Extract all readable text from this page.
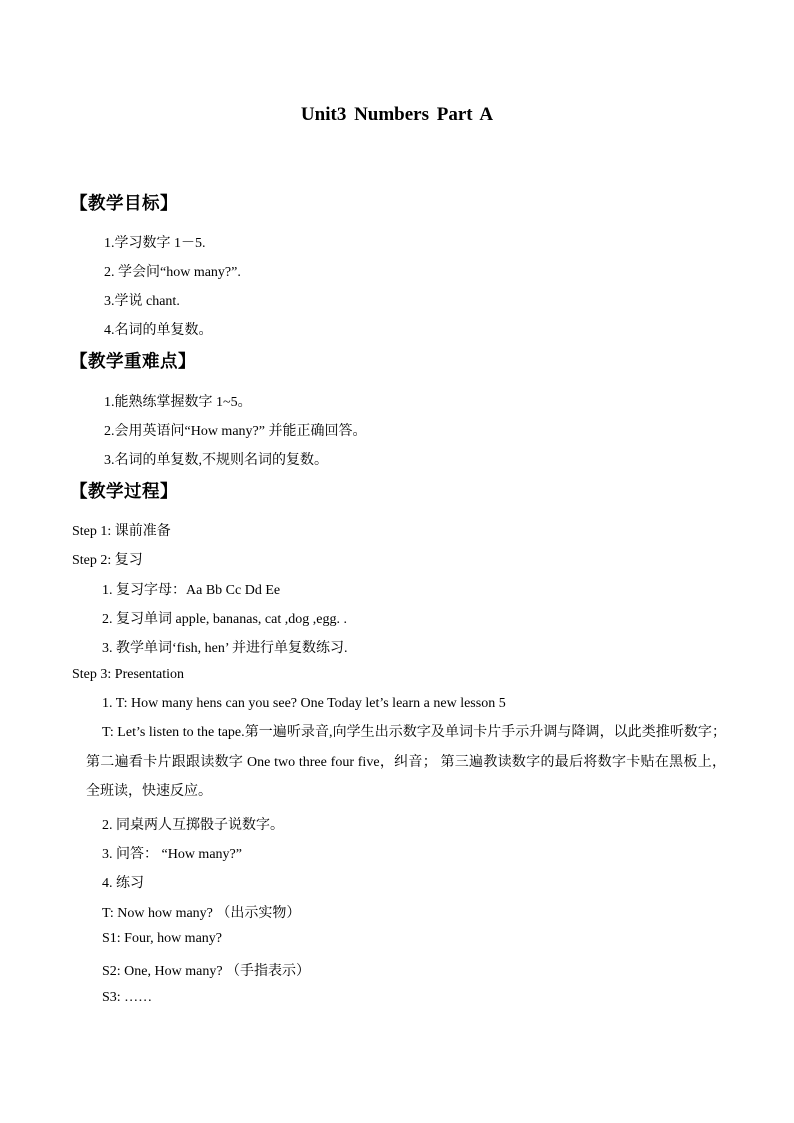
Unit3 Numbers Part A
【教学目标】
1.学习数字 1－5.
2. 学会问“how many?”.
3.学说 chant.
4.名词的单复数。
【教学重难点】
1.能熟练掌握数字 1~5。
2.会用英语问“How many?” 并能正确回答。
3.名词的单复数,不规则名词的复数。
【教学过程】
Step 1: 课前准备
Step 2: 复习
1. 复习字母：Aa Bb Cc Dd Ee
2. 复习单词 apple, bananas, cat ,dog ,egg. .
3. 教学单词‘fish, hen’ 并进行单复数练习.
Step 3: Presentation
1. T: How many hens can you see? One Today let’s learn a new lesson 5
T: Let’s listen to the tape.第一遍听录音,向学生出示数字及单词卡片手示升调与降调，以此类推听数字；第二遍看卡片跟跟读数字 One two three four five，纠音； 第三遍教读数字的最后将数字卡贴在黑板上，全班读，快速反应。
2. 同桌两人互掷骰子说数字。
3. 问答： “How many?”
4. 练习
T: Now how many? （出示实物）
S1: Four, how many?
S2: One, How many? （手指表示）
S3: ……
